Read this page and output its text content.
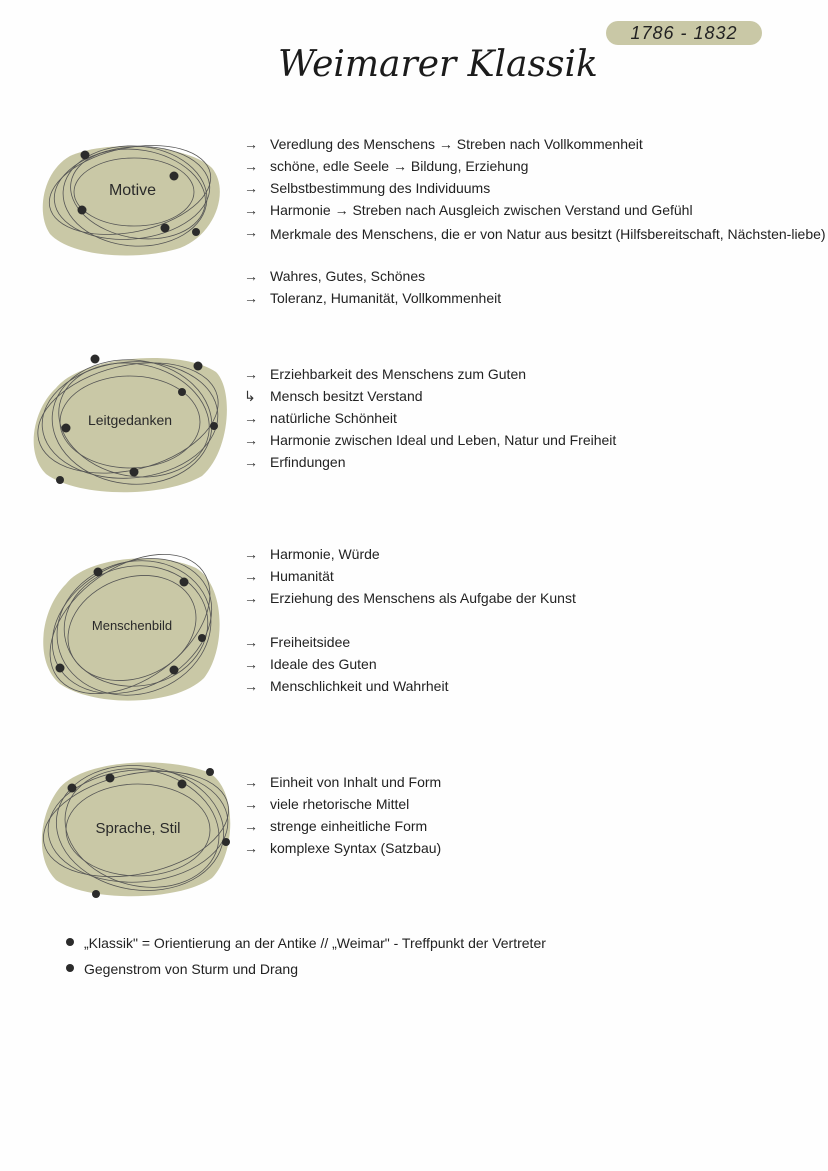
1786 - 1832
Weimarer Klassik
Motive
→ Veredlung des Menschens → Streben nach Vollkommenheit
→ schöne, edle Seele → Bildung, Erziehung
→ Selbstbestimmung des Individuums
→ Harmonie → Streben nach Ausgleich zwischen Verstand und Gefühl
→ Merkmale des Menschens, die er von Natur aus besitzt (Hilfsbereitschaft, Nächsten-liebe)
→ Wahres, Gutes, Schönes
→ Toleranz, Humanität, Vollkommenheit
Leitgedanken
→ Erziehbarkeit des Menschens zum Guten
↳ Mensch besitzt Verstand
→ natürliche Schönheit
→ Harmonie zwischen Ideal und Leben, Natur und Freiheit
→ Erfindungen
Menschenbild
→ Harmonie, Würde
→ Humanität
→ Erziehung des Menschens als Aufgabe der Kunst
→ Freiheitsidee
→ Ideale des Guten
→ Menschlichkeit und Wahrheit
Sprache, Stil
→ Einheit von Inhalt und Form
→ viele rhetorische Mittel
→ strenge einheitliche Form
→ komplexe Syntax (Satzbau)
„Klassik" = Orientierung an der Antike // „Weimar" - Treffpunkt der Vertreter
Gegenstrom von Sturm und Drang
